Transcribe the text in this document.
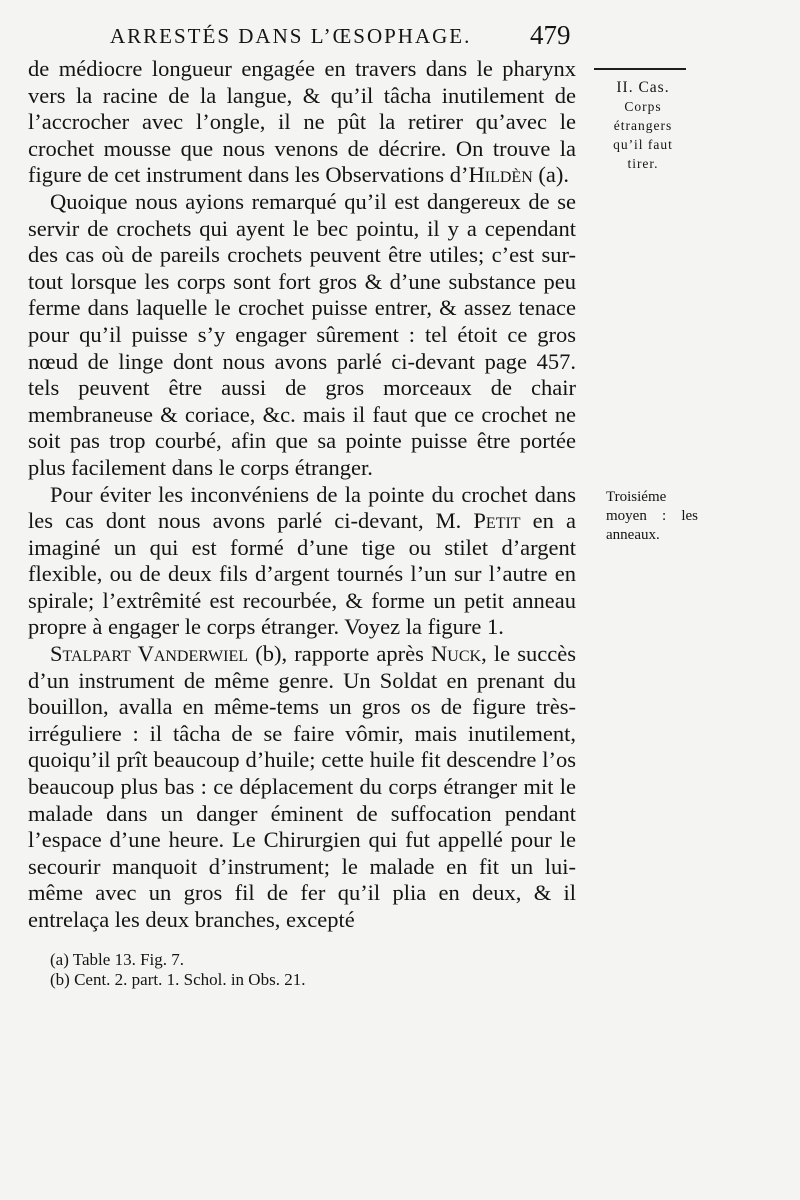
ARRESTÉS DANS L’ŒSOPHAGE.	479

de médiocre longueur engagée en travers dans le pharynx vers la racine de la langue, & qu’il tâcha inutilement de l’accrocher avec l’ongle, il ne pût la retirer qu’avec le crochet mousse que nous venons de décrire. On trouve la figure de cet instrument dans les Observations d’Hildèn (a).

Quoique nous ayions remarqué qu’il est dangereux de se servir de crochets qui ayent le bec pointu, il y a cependant des cas où de pareils crochets peuvent être utiles; c’est sur-tout lorsque les corps sont fort gros & d’une substance peu ferme dans laquelle le crochet puisse entrer, & assez tenace pour qu’il puisse s’y engager sûrement : tel étoit ce gros nœud de linge dont nous avons parlé ci-devant page 457. tels peuvent être aussi de gros morceaux de chair membraneuse & coriace, &c. mais il faut que ce crochet ne soit pas trop courbé, afin que sa pointe puisse être portée plus facilement dans le corps étranger.

Pour éviter les inconvéniens de la pointe du crochet dans les cas dont nous avons parlé ci-devant, M. Petit en a imaginé un qui est formé d’une tige ou stilet d’argent flexible, ou de deux fils d’argent tournés l’un sur l’autre en spirale; l’extrêmité est recourbée, & forme un petit anneau propre à engager le corps étranger. Voyez la figure 1.

Stalpart Vanderwiel (b), rapporte après Nuck, le succès d’un instrument de même genre. Un Soldat en prenant du bouillon, avalla en même-tems un gros os de figure très-irréguliere : il tâcha de se faire vômir, mais inutilement, quoiqu’il prît beaucoup d’huile; cette huile fit descendre l’os beaucoup plus bas : ce déplacement du corps étranger mit le malade dans un danger éminent de suffocation pendant l’espace d’une heure. Le Chirurgien qui fut appellé pour le secourir manquoit d’instrument; le malade en fit un lui-même avec un gros fil de fer qu’il plia en deux, & il entrelaça les deux branches, excepté

II. Cas.
Corps
étrangers
qu’il faut
tirer.
Troisiéme moyen : les anneaux.
(a) Table 13. Fig. 7.
(b) Cent. 2. part. 1. Schol. in Obs. 21.
